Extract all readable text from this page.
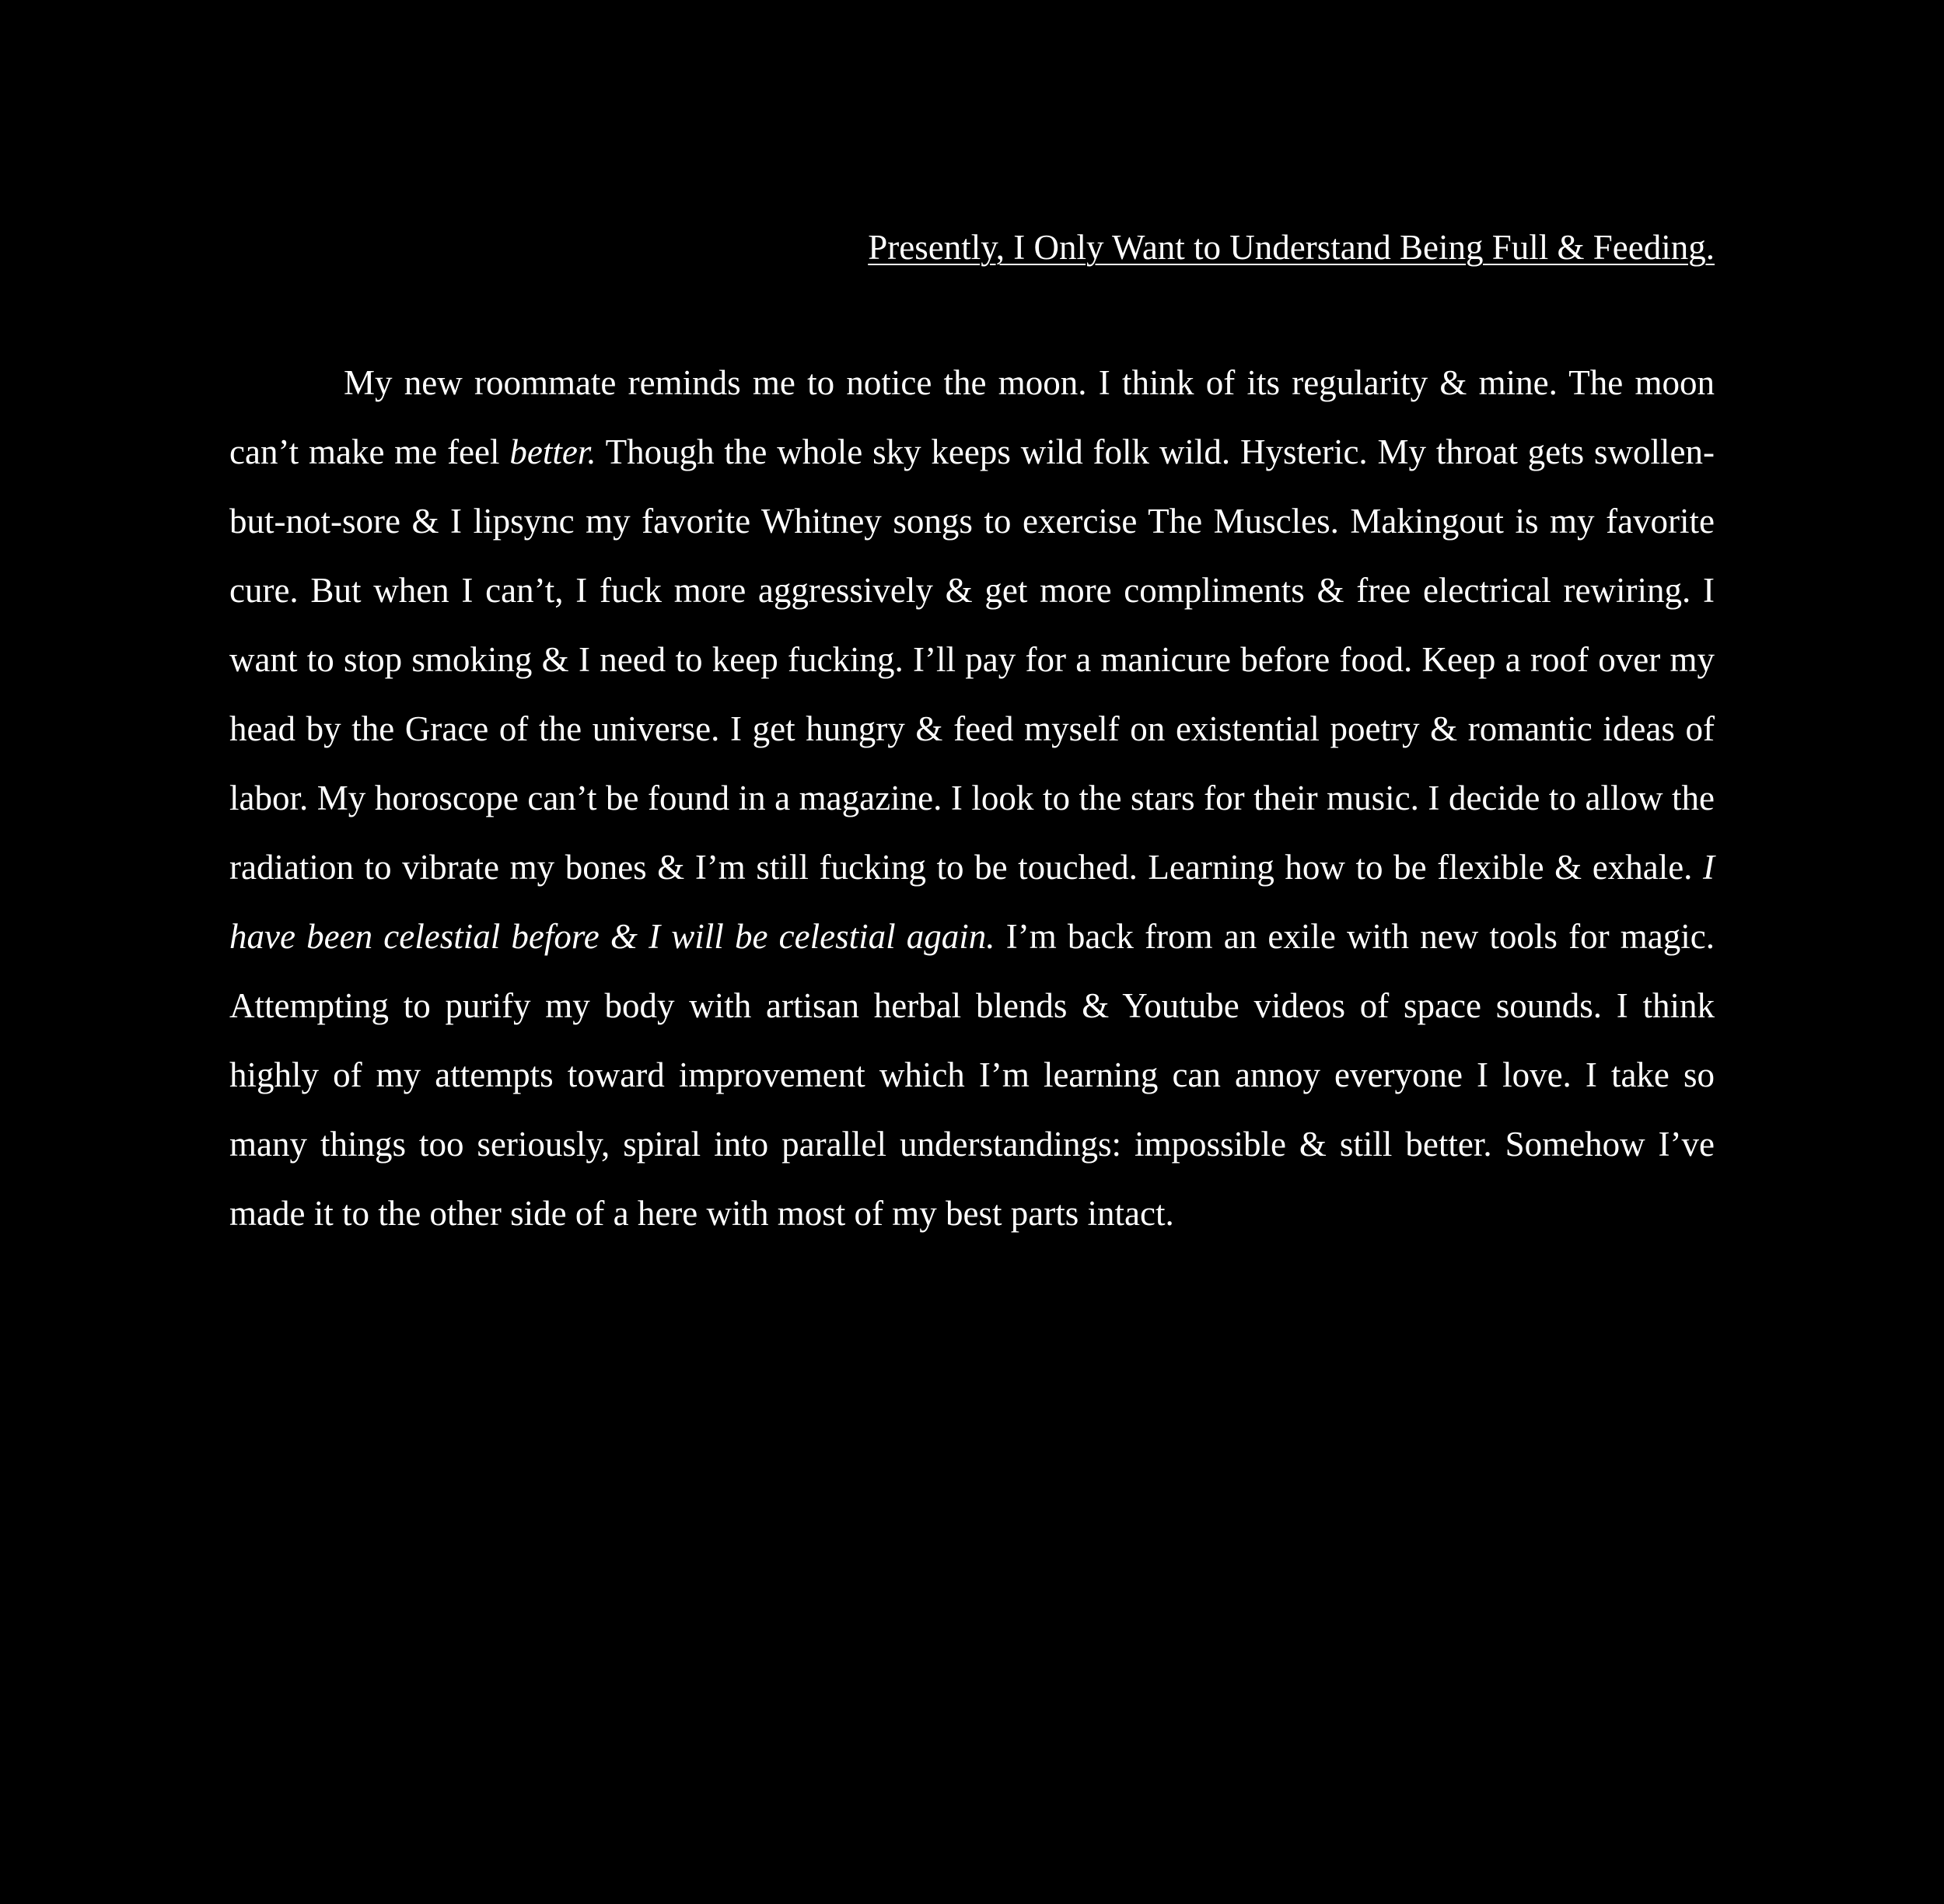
Presently, I Only Want to Understand Being Full & Feeding.

My new roommate reminds me to notice the moon. I think of its regularity & mine. The moon can’t make me feel better. Though the whole sky keeps wild folk wild. Hysteric. My throat gets swollen-but-not-sore & I lipsync my favorite Whitney songs to exercise The Muscles. Makingout is my favorite cure. But when I can’t, I fuck more aggressively & get more compliments & free electrical rewiring. I want to stop smoking & I need to keep fucking. I’ll pay for a manicure before food. Keep a roof over my head by the Grace of the universe. I get hungry & feed myself on existential poetry & romantic ideas of labor. My horoscope can’t be found in a magazine. I look to the stars for their music. I decide to allow the radiation to vibrate my bones & I’m still fucking to be touched. Learning how to be flexible & exhale. I have been celestial before & I will be celestial again. I’m back from an exile with new tools for magic. Attempting to purify my body with artisan herbal blends & Youtube videos of space sounds. I think highly of my attempts toward improvement which I’m learning can annoy everyone I love. I take so many things too seriously, spiral into parallel understandings: impossible & still better. Somehow I’ve made it to the other side of a here with most of my best parts intact.
